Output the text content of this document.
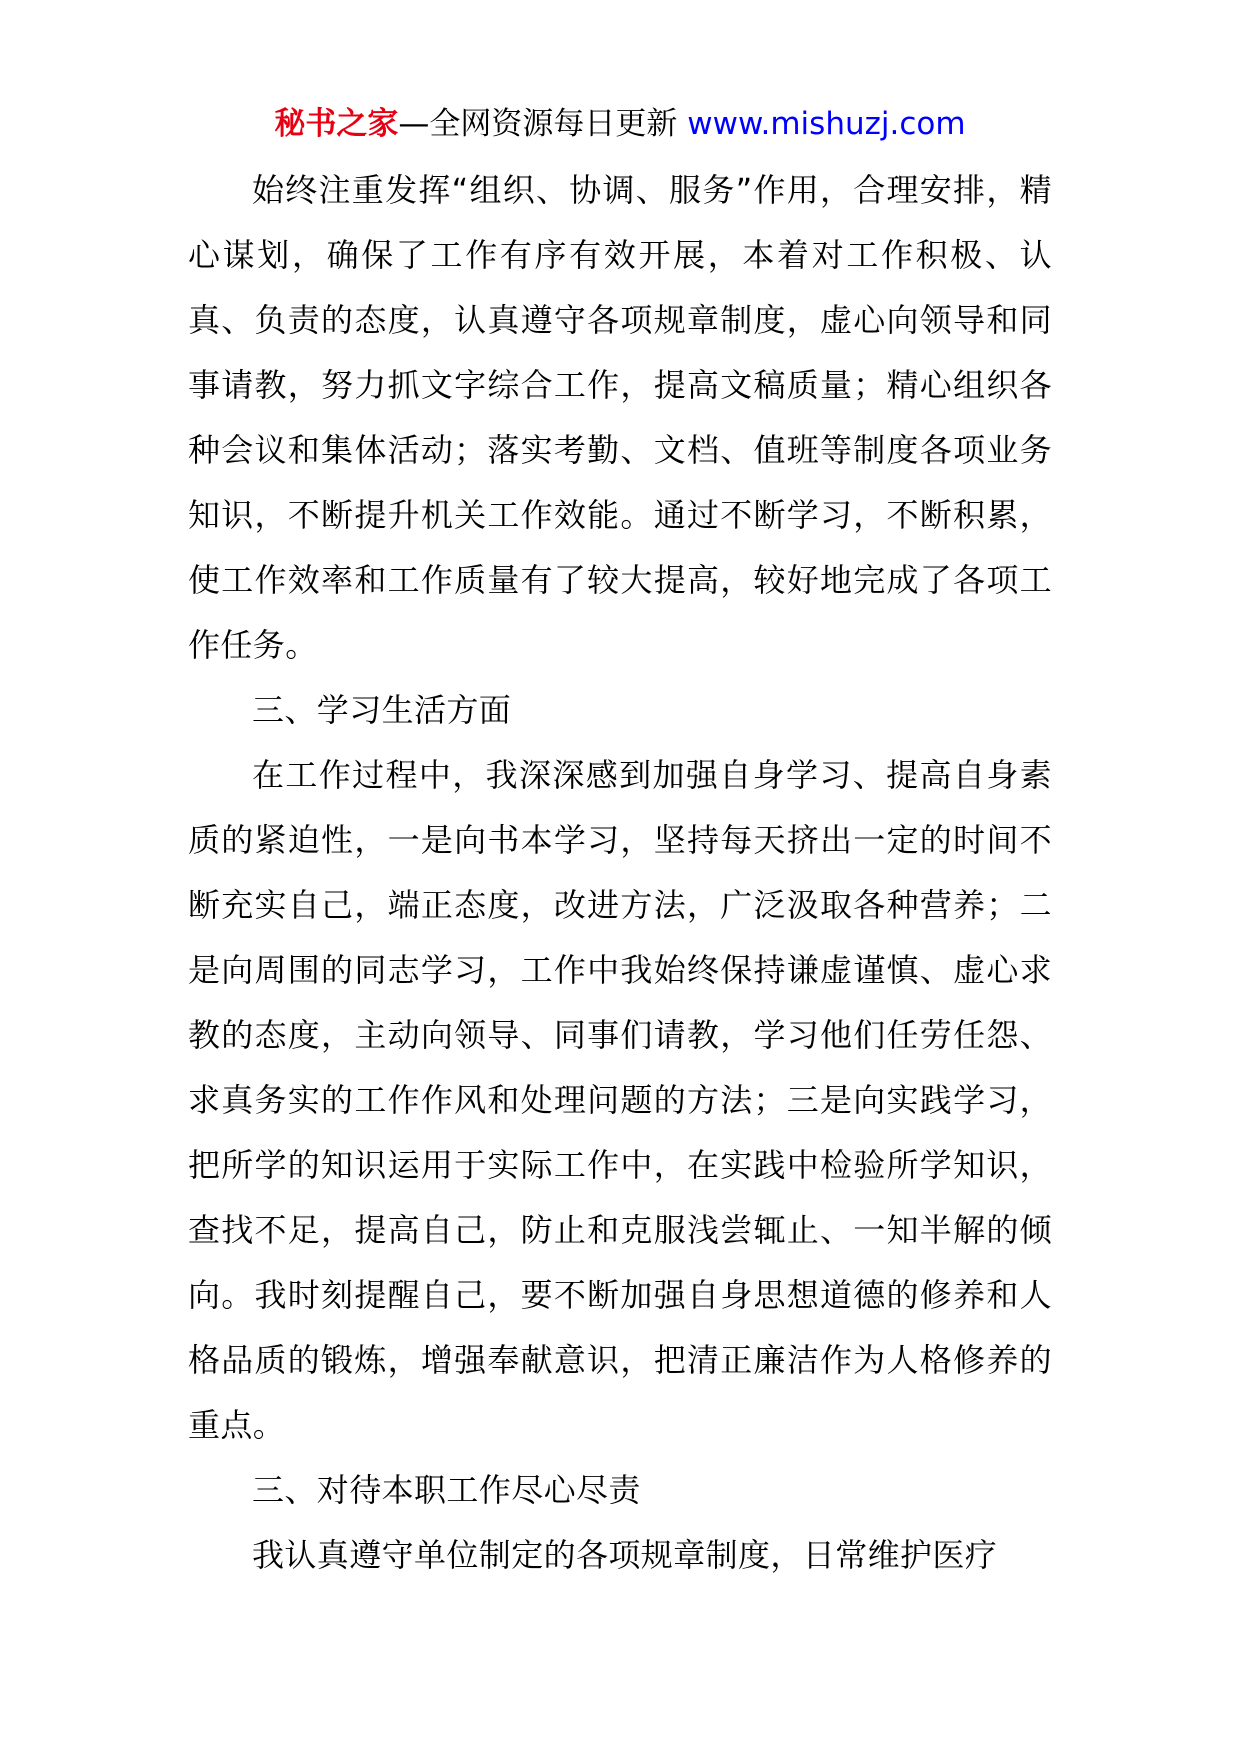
秘书之家—全网资源每日更新 www.mishuzj.com

始终注重发挥“组织、协调、服务”作用，合理安排，精心谋划，确保了工作有序有效开展，本着对工作积极、认真、负责的态度，认真遵守各项规章制度，虚心向领导和同事请教，努力抓文字综合工作，提高文稿质量；精心组织各种会议和集体活动；落实考勤、文档、值班等制度各项业务知识，不断提升机关工作效能。通过不断学习，不断积累，使工作效率和工作质量有了较大提高，较好地完成了各项工作任务。

三、学习生活方面

在工作过程中，我深深感到加强自身学习、提高自身素质的紧迫性，一是向书本学习，坚持每天挤出一定的时间不断充实自己，端正态度，改进方法，广泛汲取各种营养；二是向周围的同志学习，工作中我始终保持谦虚谨慎、虚心求教的态度，主动向领导、同事们请教，学习他们任劳任怨、求真务实的工作作风和处理问题的方法；三是向实践学习，把所学的知识运用于实际工作中，在实践中检验所学知识，查找不足，提高自己，防止和克服浅尝辄止、一知半解的倾向。我时刻提醒自己，要不断加强自身思想道德的修养和人格品质的锻炼，增强奉献意识，把清正廉洁作为人格修养的重点。

三、对待本职工作尽心尽责

我认真遵守单位制定的各项规章制度，日常维护医疗
